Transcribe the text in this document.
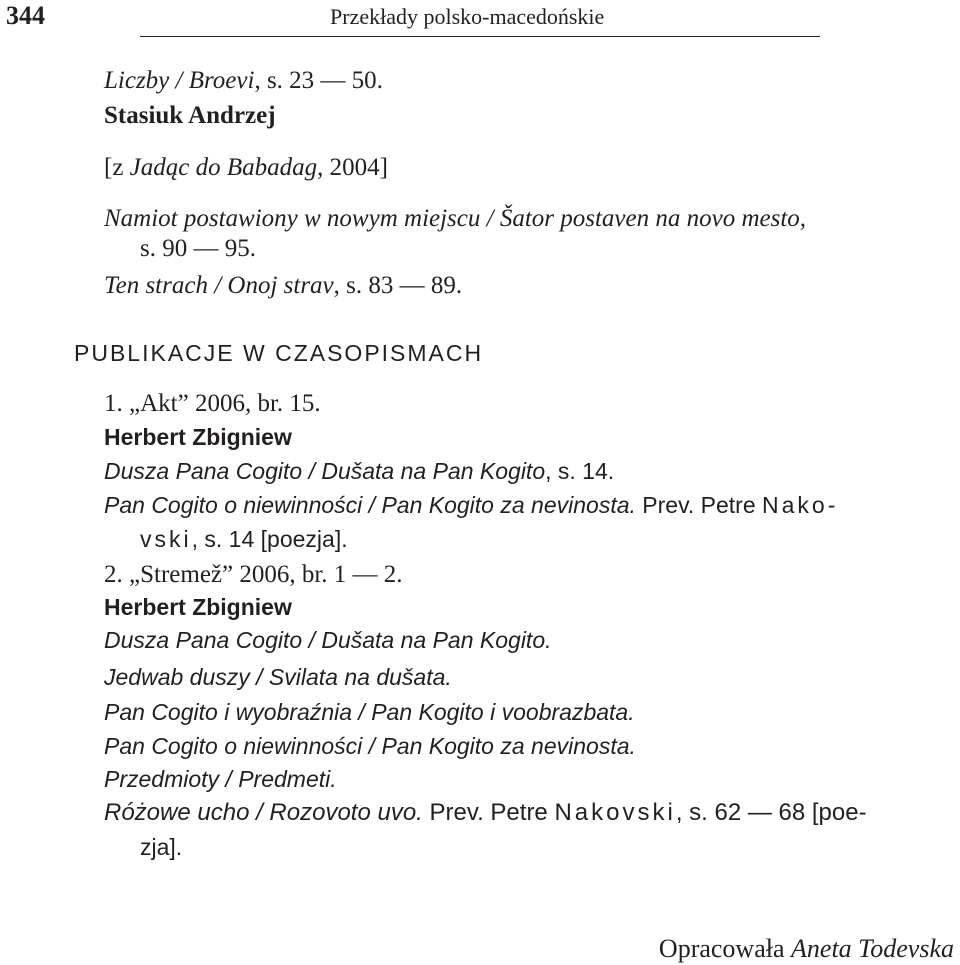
344	Przekłady polsko-macedońskie
Liczby / Broevi, s. 23 — 50.
Stasiuk Andrzej
[z Jadąc do Babadag, 2004]
Namiot postawiony w nowym miejscu / Šator postaven na novo mesto,
s. 90 — 95.
Ten strach / Onoj strav, s. 83 — 89.
PUBLIKACJE W CZASOPISMACH
1. „Akt” 2006, br. 15.
Herbert Zbigniew
Dusza Pana Cogito / Dušata na Pan Kogito, s. 14.
Pan Cogito o niewinności / Pan Kogito za nevinosta. Prev. Petre Nako-
vski, s. 14 [poezja].
2. „Stremež” 2006, br. 1 — 2.
Herbert Zbigniew
Dusza Pana Cogito / Dušata na Pan Kogito.
Jedwab duszy / Svilata na dušata.
Pan Cogito i wyobraźnia / Pan Kogito i voobrazbata.
Pan Cogito o niewinności / Pan Kogito za nevinosta.
Przedmioty / Predmeti.
Różowe ucho / Rozovoto uvo. Prev. Petre Nakovski, s. 62 — 68 [poe-
zja].
Opracowała Aneta Todevska
